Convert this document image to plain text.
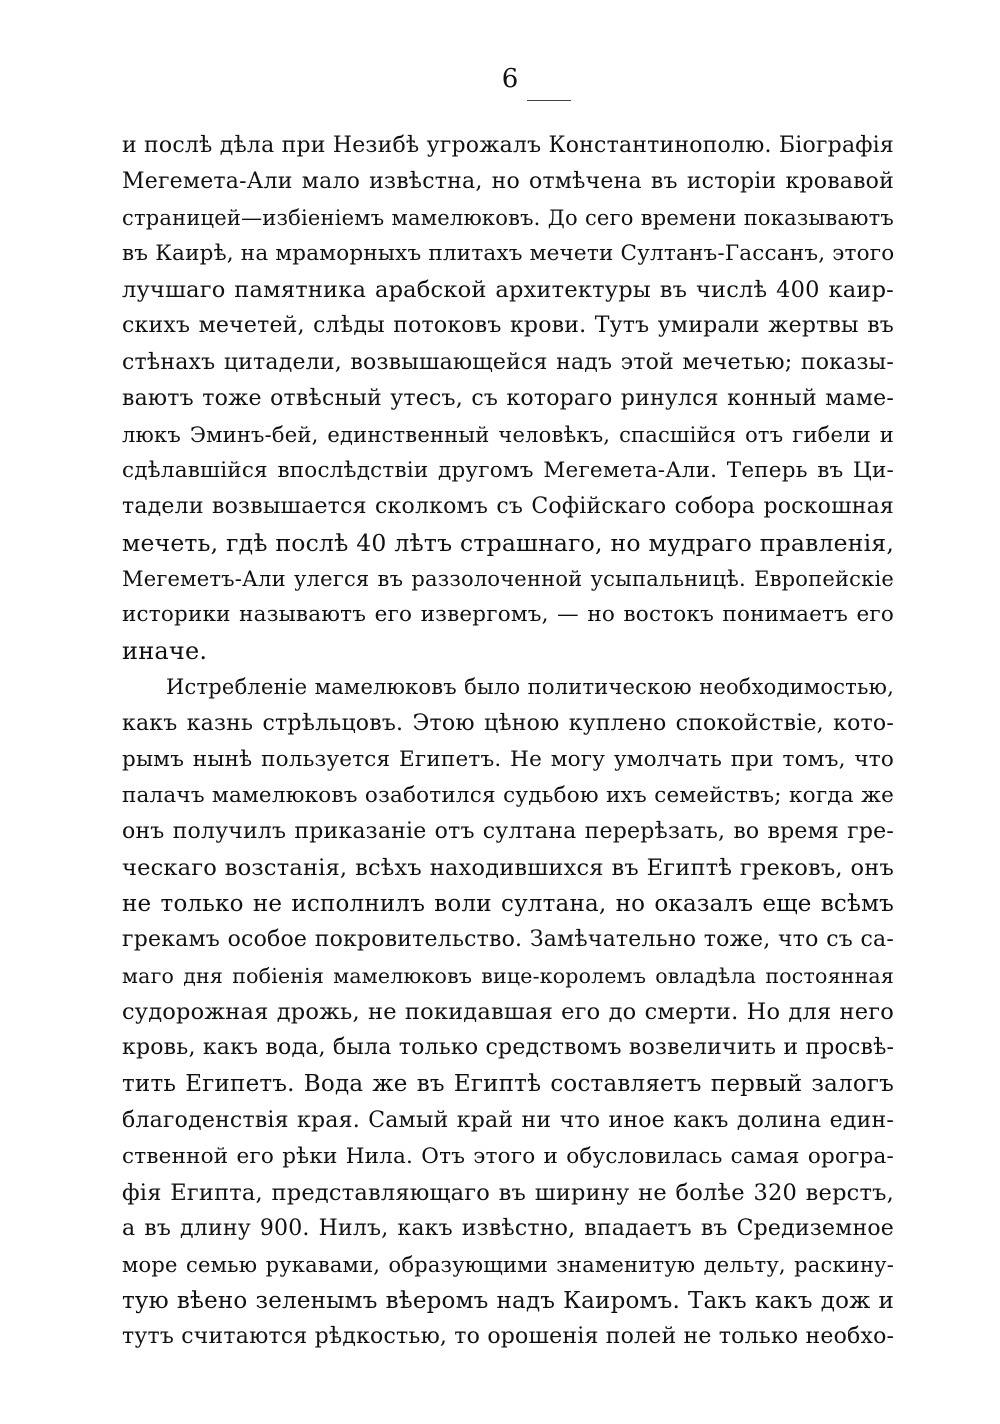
6
и послѣ дѣла при Незибѣ угрожалъ Константинополю. Біографія
Мегемета-Али мало извѣстна, но отмѣчена въ исторіи кровавой
страницей—избіеніемъ мамелюковъ. До сего времени показываютъ
въ Каирѣ, на мраморныхъ плитахъ мечети Султанъ-Гассанъ, этого
лучшаго памятника арабской архитектуры въ числѣ 400 каир-
скихъ мечетей, слѣды потоковъ крови. Тутъ умирали жертвы въ
стѣнахъ цитадели, возвышающейся надъ этой мечетью; показы-
ваютъ тоже отвѣсный утесъ, съ котораго ринулся конный маме-
люкъ Эминъ-бей, единственный человѣкъ, спасшійся отъ гибели и
сдѣлавшійся впослѣдствіи другомъ Мегемета-Али. Теперь въ Ци-
тадели возвышается сколкомъ съ Софійскаго собора роскошная
мечеть, гдѣ послѣ 40 лѣтъ страшнаго, но мудраго правленія,
Мегеметъ-Али улегся въ раззолоченной усыпальницѣ. Европейскіе
историки называютъ его извергомъ, — но востокъ понимаетъ его
иначе.
Истребленіе мамелюковъ было политическою необходимостью,
какъ казнь стрѣльцовъ. Этою цѣною куплено спокойствіе, кото-
рымъ нынѣ пользуется Египетъ. Не могу умолчать при томъ, что
палачъ мамелюковъ озаботился судьбою ихъ семействъ; когда же
онъ получилъ приказаніе отъ султана перерѣзать, во время гре-
ческаго возстанія, всѣхъ находившихся въ Египтѣ грековъ, онъ
не только не исполнилъ воли султана, но оказалъ еще всѣмъ
грекамъ особое покровительство. Замѣчательно тоже, что съ са-
маго дня побіенія мамелюковъ вице-королемъ овладѣла постоянная
судорожная дрожь, не покидавшая его до смерти. Но для него
кровь, какъ вода, была только средствомъ возвеличить и просвѣ-
тить Египетъ. Вода же въ Египтѣ составляетъ первый залогъ
благоденствія края. Самый край ни что иное какъ долина един-
ственной его рѣки Нила. Отъ этого и обусловилась самая орогра-
фія Египта, представляющаго въ ширину не болѣе 320 верстъ,
а въ длину 900. Нилъ, какъ извѣстно, впадаетъ въ Средиземное
море семью рукавами, образующими знаменитую дельту, раскину-
тую вѣено зеленымъ вѣеромъ надъ Каиромъ. Такъ какъ дож и
тутъ считаются рѣдкостью, то орошенія полей не только необхо-
